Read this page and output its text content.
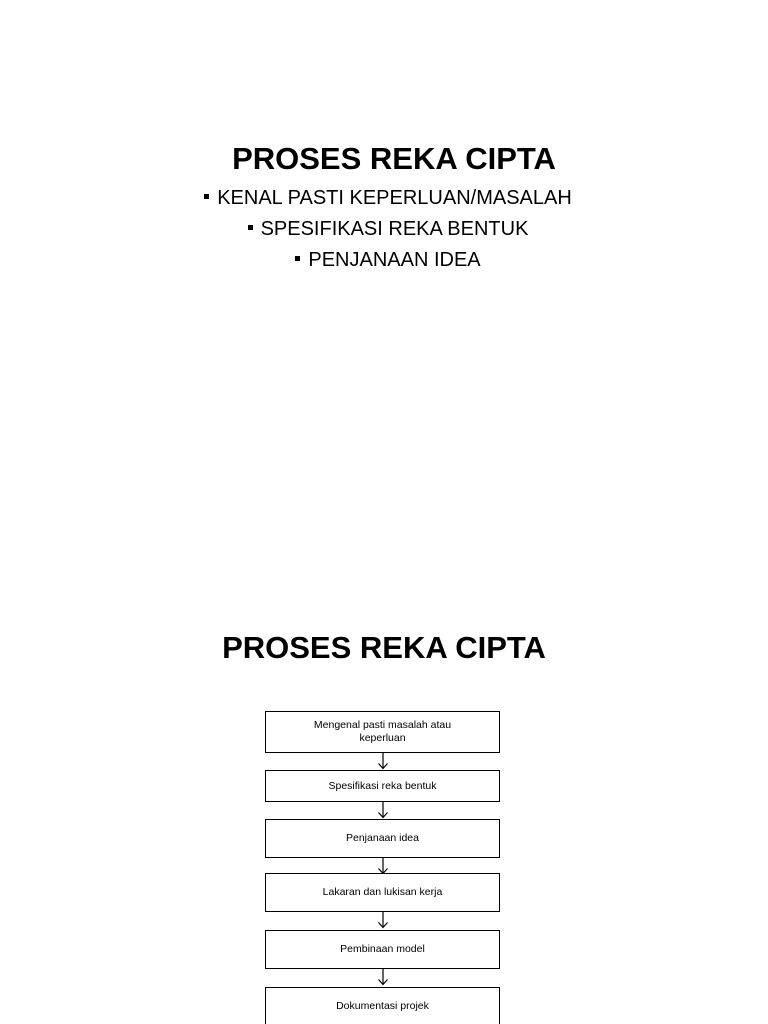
PROSES REKA CIPTA
KENAL PASTI KEPERLUAN/MASALAH
SPESIFIKASI REKA BENTUK
PENJANAAN IDEA
PROSES REKA CIPTA
Mengenal pasti masalah atau keperluan
Spesifikasi reka bentuk
Penjanaan idea
Lakaran dan lukisan kerja
Pembinaan model
Dokumentasi projek
